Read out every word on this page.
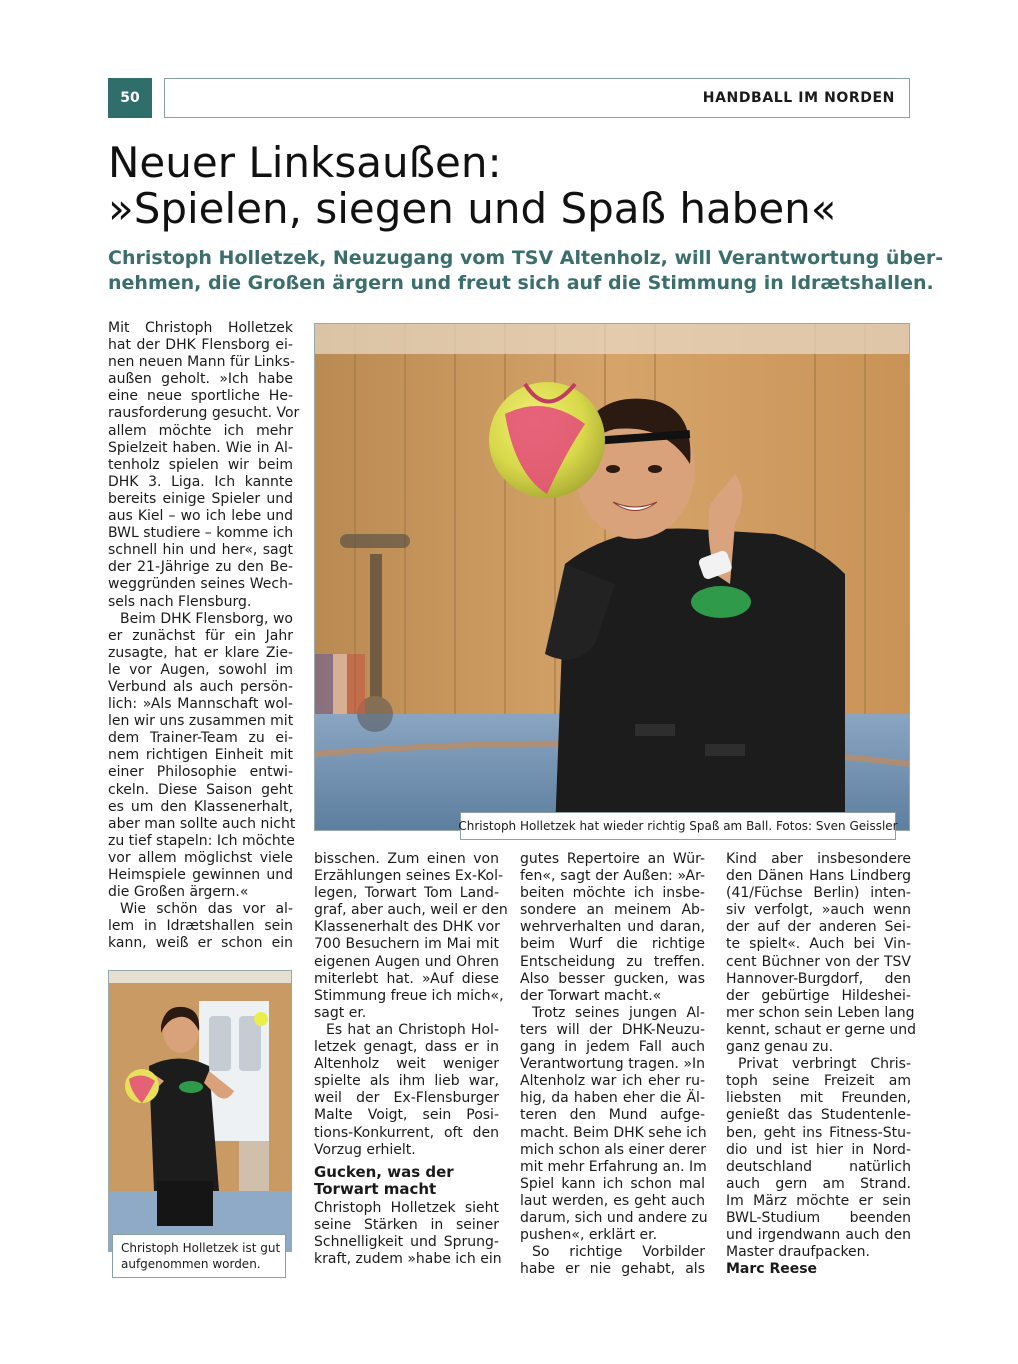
50	HANDBALL IM NORDEN
Neuer Linksaußen:
»Spielen, siegen und Spaß haben«
Christoph Holletzek, Neuzugang vom TSV Altenholz, will Verantwortung über-
nehmen, die Großen ärgern und freut sich auf die Stimmung in Idrætshallen.
Christoph Holletzek hat wieder richtig Spaß am Ball. Fotos: Sven Geissler
Christoph Holletzek ist gut
aufgenommen worden.
Mit Christoph Holletzek
hat der DHK Flensborg ei-
nen neuen Mann für Links-
außen geholt. »Ich habe
eine neue sportliche He-
rausforderung gesucht. Vor
allem möchte ich mehr
Spielzeit haben. Wie in Al-
tenholz spielen wir beim
DHK 3. Liga. Ich kannte
bereits einige Spieler und
aus Kiel – wo ich lebe und
BWL studiere – komme ich
schnell hin und her«, sagt
der 21-Jährige zu den Be-
weggründen seines Wech-
sels nach Flensburg.
Beim DHK Flensborg, wo
er zunächst für ein Jahr
zusagte, hat er klare Zie-
le vor Augen, sowohl im
Verbund als auch persön-
lich: »Als Mannschaft wol-
len wir uns zusammen mit
dem Trainer-Team zu ei-
nem richtigen Einheit mit
einer Philosophie entwi-
ckeln. Diese Saison geht
es um den Klassenerhalt,
aber man sollte auch nicht
zu tief stapeln: Ich möchte
vor allem möglichst viele
Heimspiele gewinnen und
die Großen ärgern.«
Wie schön das vor al-
lem in Idrætshallen sein
kann, weiß er schon ein
bisschen. Zum einen von
Erzählungen seines Ex-Kol-
legen, Torwart Tom Land-
graf, aber auch, weil er den
Klassenerhalt des DHK vor
700 Besuchern im Mai mit
eigenen Augen und Ohren
miterlebt hat. »Auf diese
Stimmung freue ich mich«,
sagt er.
Es hat an Christoph Hol-
letzek genagt, dass er in
Altenholz weit weniger
spielte als ihm lieb war,
weil der Ex-Flensburger
Malte Voigt, sein Posi-
tions-Konkurrent, oft den
Vorzug erhielt.
Gucken, was der
Torwart macht
Christoph Holletzek sieht
seine Stärken in seiner
Schnelligkeit und Sprung-
kraft, zudem »habe ich ein
gutes Repertoire an Wür-
fen«, sagt der Außen: »Ar-
beiten möchte ich insbe-
sondere an meinem Ab-
wehrverhalten und daran,
beim Wurf die richtige
Entscheidung zu treffen.
Also besser gucken, was
der Torwart macht.«
Trotz seines jungen Al-
ters will der DHK-Neuzu-
gang in jedem Fall auch
Verantwortung tragen. »In
Altenholz war ich eher ru-
hig, da haben eher die Äl-
teren den Mund aufge-
macht. Beim DHK sehe ich
mich schon als einer derer
mit mehr Erfahrung an. Im
Spiel kann ich schon mal
laut werden, es geht auch
darum, sich und andere zu
pushen«, erklärt er.
So richtige Vorbilder
habe er nie gehabt, als
Kind aber insbesondere
den Dänen Hans Lindberg
(41/Füchse Berlin) inten-
siv verfolgt, »auch wenn
der auf der anderen Sei-
te spielt«. Auch bei Vin-
cent Büchner von der TSV
Hannover-Burgdorf, den
der gebürtige Hildeshei-
mer schon sein Leben lang
kennt, schaut er gerne und
ganz genau zu.
Privat verbringt Chris-
toph seine Freizeit am
liebsten mit Freunden,
genießt das Studentenle-
ben, geht ins Fitness-Stu-
dio und ist hier in Nord-
deutschland natürlich
auch gern am Strand.
Im März möchte er sein
BWL-Studium beenden
und irgendwann auch den
Master draufpacken.
Marc Reese
